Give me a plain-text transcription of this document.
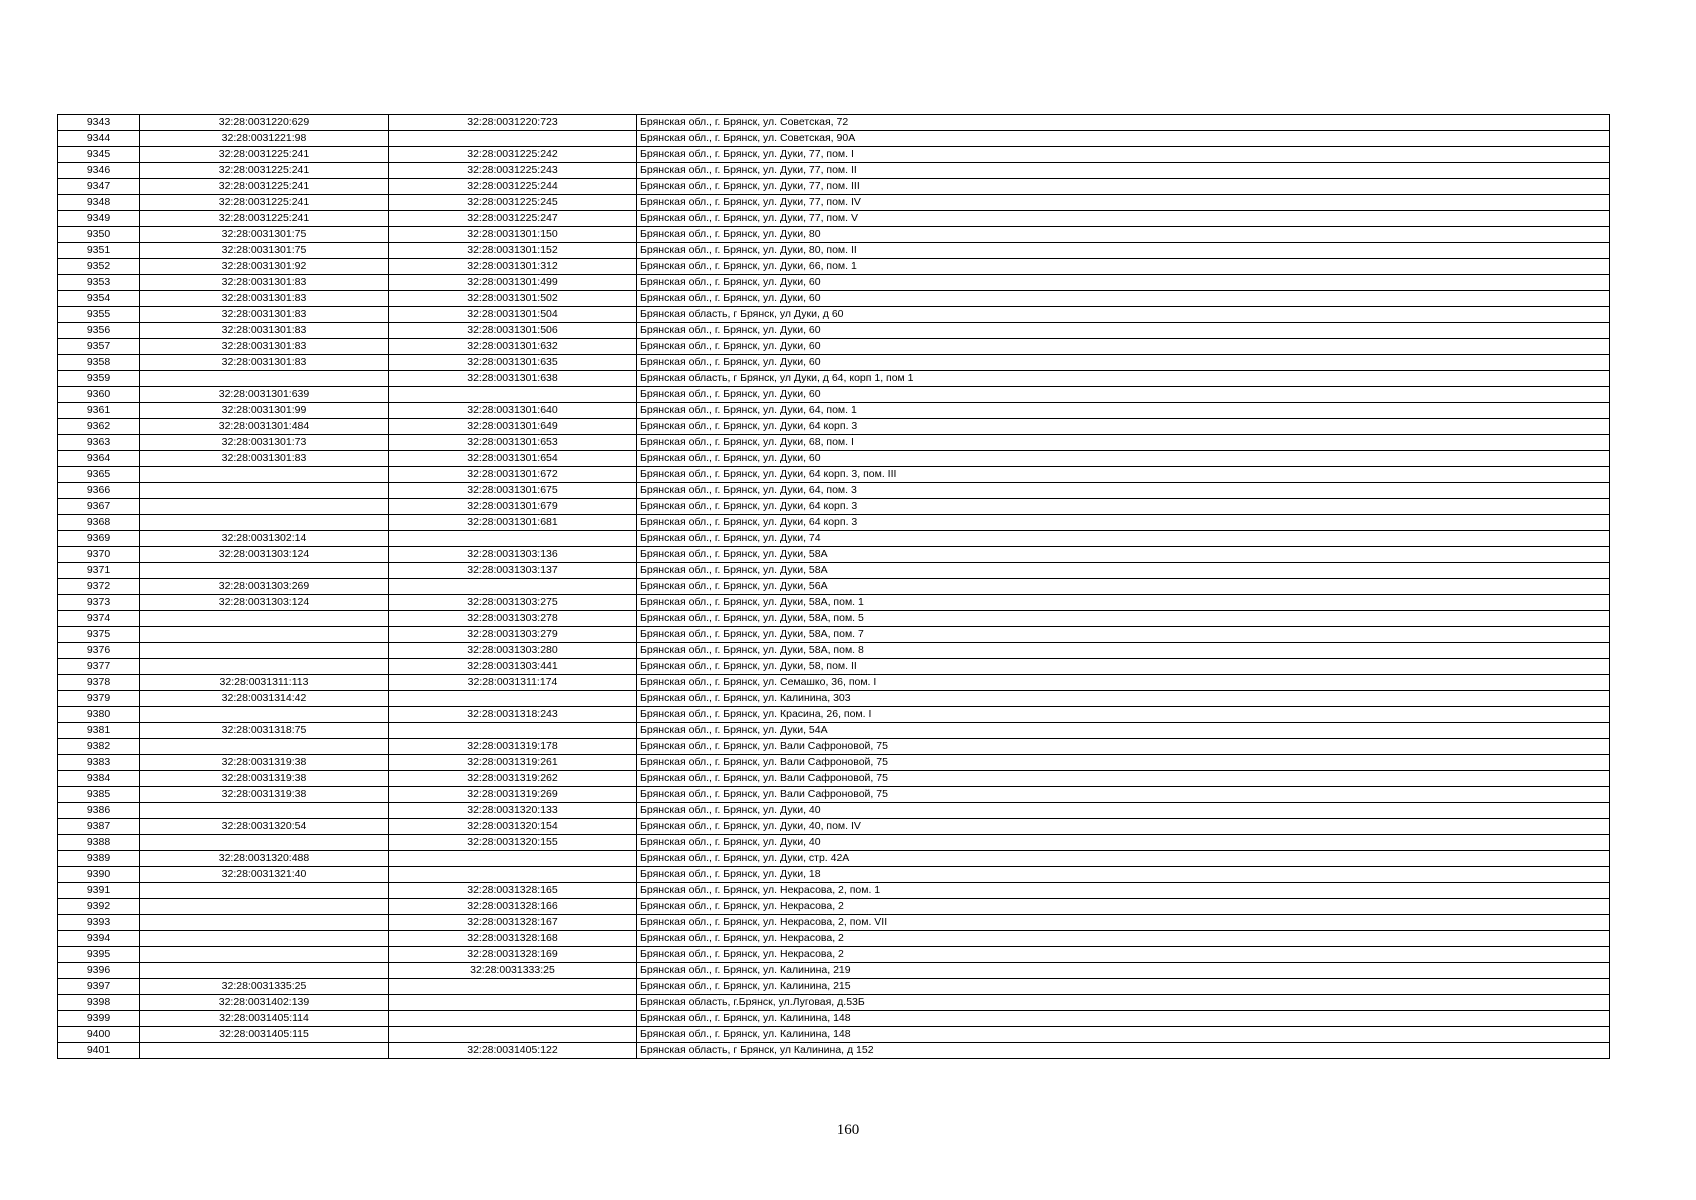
9343	32:28:0031220:629	32:28:0031220:723	Брянская обл., г. Брянск, ул. Советская, 72
9344	32:28:0031221:98		Брянская обл., г. Брянск, ул. Советская, 90А
9345	32:28:0031225:241	32:28:0031225:242	Брянская обл., г. Брянск, ул. Дуки, 77, пом. I
9346	32:28:0031225:241	32:28:0031225:243	Брянская обл., г. Брянск, ул. Дуки, 77, пом. II
9347	32:28:0031225:241	32:28:0031225:244	Брянская обл., г. Брянск, ул. Дуки, 77, пом. III
9348	32:28:0031225:241	32:28:0031225:245	Брянская обл., г. Брянск, ул. Дуки, 77, пом. IV
9349	32:28:0031225:241	32:28:0031225:247	Брянская обл., г. Брянск, ул. Дуки, 77, пом. V
9350	32:28:0031301:75	32:28:0031301:150	Брянская обл., г. Брянск, ул. Дуки, 80
9351	32:28:0031301:75	32:28:0031301:152	Брянская обл., г. Брянск, ул. Дуки, 80, пом. II
9352	32:28:0031301:92	32:28:0031301:312	Брянская обл., г. Брянск, ул. Дуки, 66, пом. 1
9353	32:28:0031301:83	32:28:0031301:499	Брянская обл., г. Брянск, ул. Дуки, 60
9354	32:28:0031301:83	32:28:0031301:502	Брянская обл., г. Брянск, ул. Дуки, 60
9355	32:28:0031301:83	32:28:0031301:504	Брянская область, г Брянск, ул Дуки, д 60
9356	32:28:0031301:83	32:28:0031301:506	Брянская обл., г. Брянск, ул. Дуки, 60
9357	32:28:0031301:83	32:28:0031301:632	Брянская обл., г. Брянск, ул. Дуки, 60
9358	32:28:0031301:83	32:28:0031301:635	Брянская обл., г. Брянск, ул. Дуки, 60
9359		32:28:0031301:638	Брянская область, г Брянск, ул Дуки, д 64, корп 1, пом 1
9360	32:28:0031301:639		Брянская обл., г. Брянск, ул. Дуки, 60
9361	32:28:0031301:99	32:28:0031301:640	Брянская обл., г. Брянск, ул. Дуки, 64, пом. 1
9362	32:28:0031301:484	32:28:0031301:649	Брянская обл., г. Брянск, ул. Дуки, 64 корп. 3
9363	32:28:0031301:73	32:28:0031301:653	Брянская обл., г. Брянск, ул. Дуки, 68, пом. I
9364	32:28:0031301:83	32:28:0031301:654	Брянская обл., г. Брянск, ул. Дуки, 60
9365		32:28:0031301:672	Брянская обл., г. Брянск, ул. Дуки, 64 корп. 3, пом. III
9366		32:28:0031301:675	Брянская обл., г. Брянск, ул. Дуки, 64, пом. 3
9367		32:28:0031301:679	Брянская обл., г. Брянск, ул. Дуки, 64 корп. 3
9368		32:28:0031301:681	Брянская обл., г. Брянск, ул. Дуки, 64 корп. 3
9369	32:28:0031302:14		Брянская обл., г. Брянск, ул. Дуки, 74
9370	32:28:0031303:124	32:28:0031303:136	Брянская обл., г. Брянск, ул. Дуки, 58А
9371		32:28:0031303:137	Брянская обл., г. Брянск, ул. Дуки, 58А
9372	32:28:0031303:269		Брянская обл., г. Брянск, ул. Дуки, 56А
9373	32:28:0031303:124	32:28:0031303:275	Брянская обл., г. Брянск, ул. Дуки, 58А, пом. 1
9374		32:28:0031303:278	Брянская обл., г. Брянск, ул. Дуки, 58А, пом. 5
9375		32:28:0031303:279	Брянская обл., г. Брянск, ул. Дуки, 58А, пом. 7
9376		32:28:0031303:280	Брянская обл., г. Брянск, ул. Дуки, 58А, пом. 8
9377		32:28:0031303:441	Брянская обл., г. Брянск, ул. Дуки, 58, пом. II
9378	32:28:0031311:113	32:28:0031311:174	Брянская обл., г. Брянск, ул. Семашко, 36, пом. I
9379	32:28:0031314:42		Брянская обл., г. Брянск, ул. Калинина, 303
9380		32:28:0031318:243	Брянская обл., г. Брянск, ул. Красина, 26, пом. I
9381	32:28:0031318:75		Брянская обл., г. Брянск, ул. Дуки, 54А
9382		32:28:0031319:178	Брянская обл., г. Брянск, ул. Вали Сафроновой, 75
9383	32:28:0031319:38	32:28:0031319:261	Брянская обл., г. Брянск, ул. Вали Сафроновой, 75
9384	32:28:0031319:38	32:28:0031319:262	Брянская обл., г. Брянск, ул. Вали Сафроновой, 75
9385	32:28:0031319:38	32:28:0031319:269	Брянская обл., г. Брянск, ул. Вали Сафроновой, 75
9386		32:28:0031320:133	Брянская обл., г. Брянск, ул. Дуки, 40
9387	32:28:0031320:54	32:28:0031320:154	Брянская обл., г. Брянск, ул. Дуки, 40, пом. IV
9388		32:28:0031320:155	Брянская обл., г. Брянск, ул. Дуки, 40
9389	32:28:0031320:488		Брянская обл., г. Брянск, ул. Дуки, стр. 42А
9390	32:28:0031321:40		Брянская обл., г. Брянск, ул. Дуки, 18
9391		32:28:0031328:165	Брянская обл., г. Брянск, ул. Некрасова, 2, пом. 1
9392		32:28:0031328:166	Брянская обл., г. Брянск, ул. Некрасова, 2
9393		32:28:0031328:167	Брянская обл., г. Брянск, ул. Некрасова, 2, пом. VII
9394		32:28:0031328:168	Брянская обл., г. Брянск, ул. Некрасова, 2
9395		32:28:0031328:169	Брянская обл., г. Брянск, ул. Некрасова, 2
9396		32:28:0031333:25	Брянская обл., г. Брянск, ул. Калинина, 219
9397	32:28:0031335:25		Брянская обл., г. Брянск, ул. Калинина, 215
9398	32:28:0031402:139		Брянская область, г.Брянск, ул.Луговая, д.53Б
9399	32:28:0031405:114		Брянская обл., г. Брянск, ул. Калинина, 148
9400	32:28:0031405:115		Брянская обл., г. Брянск, ул. Калинина, 148
9401		32:28:0031405:122	Брянская область, г Брянск, ул Калинина, д 152
160
